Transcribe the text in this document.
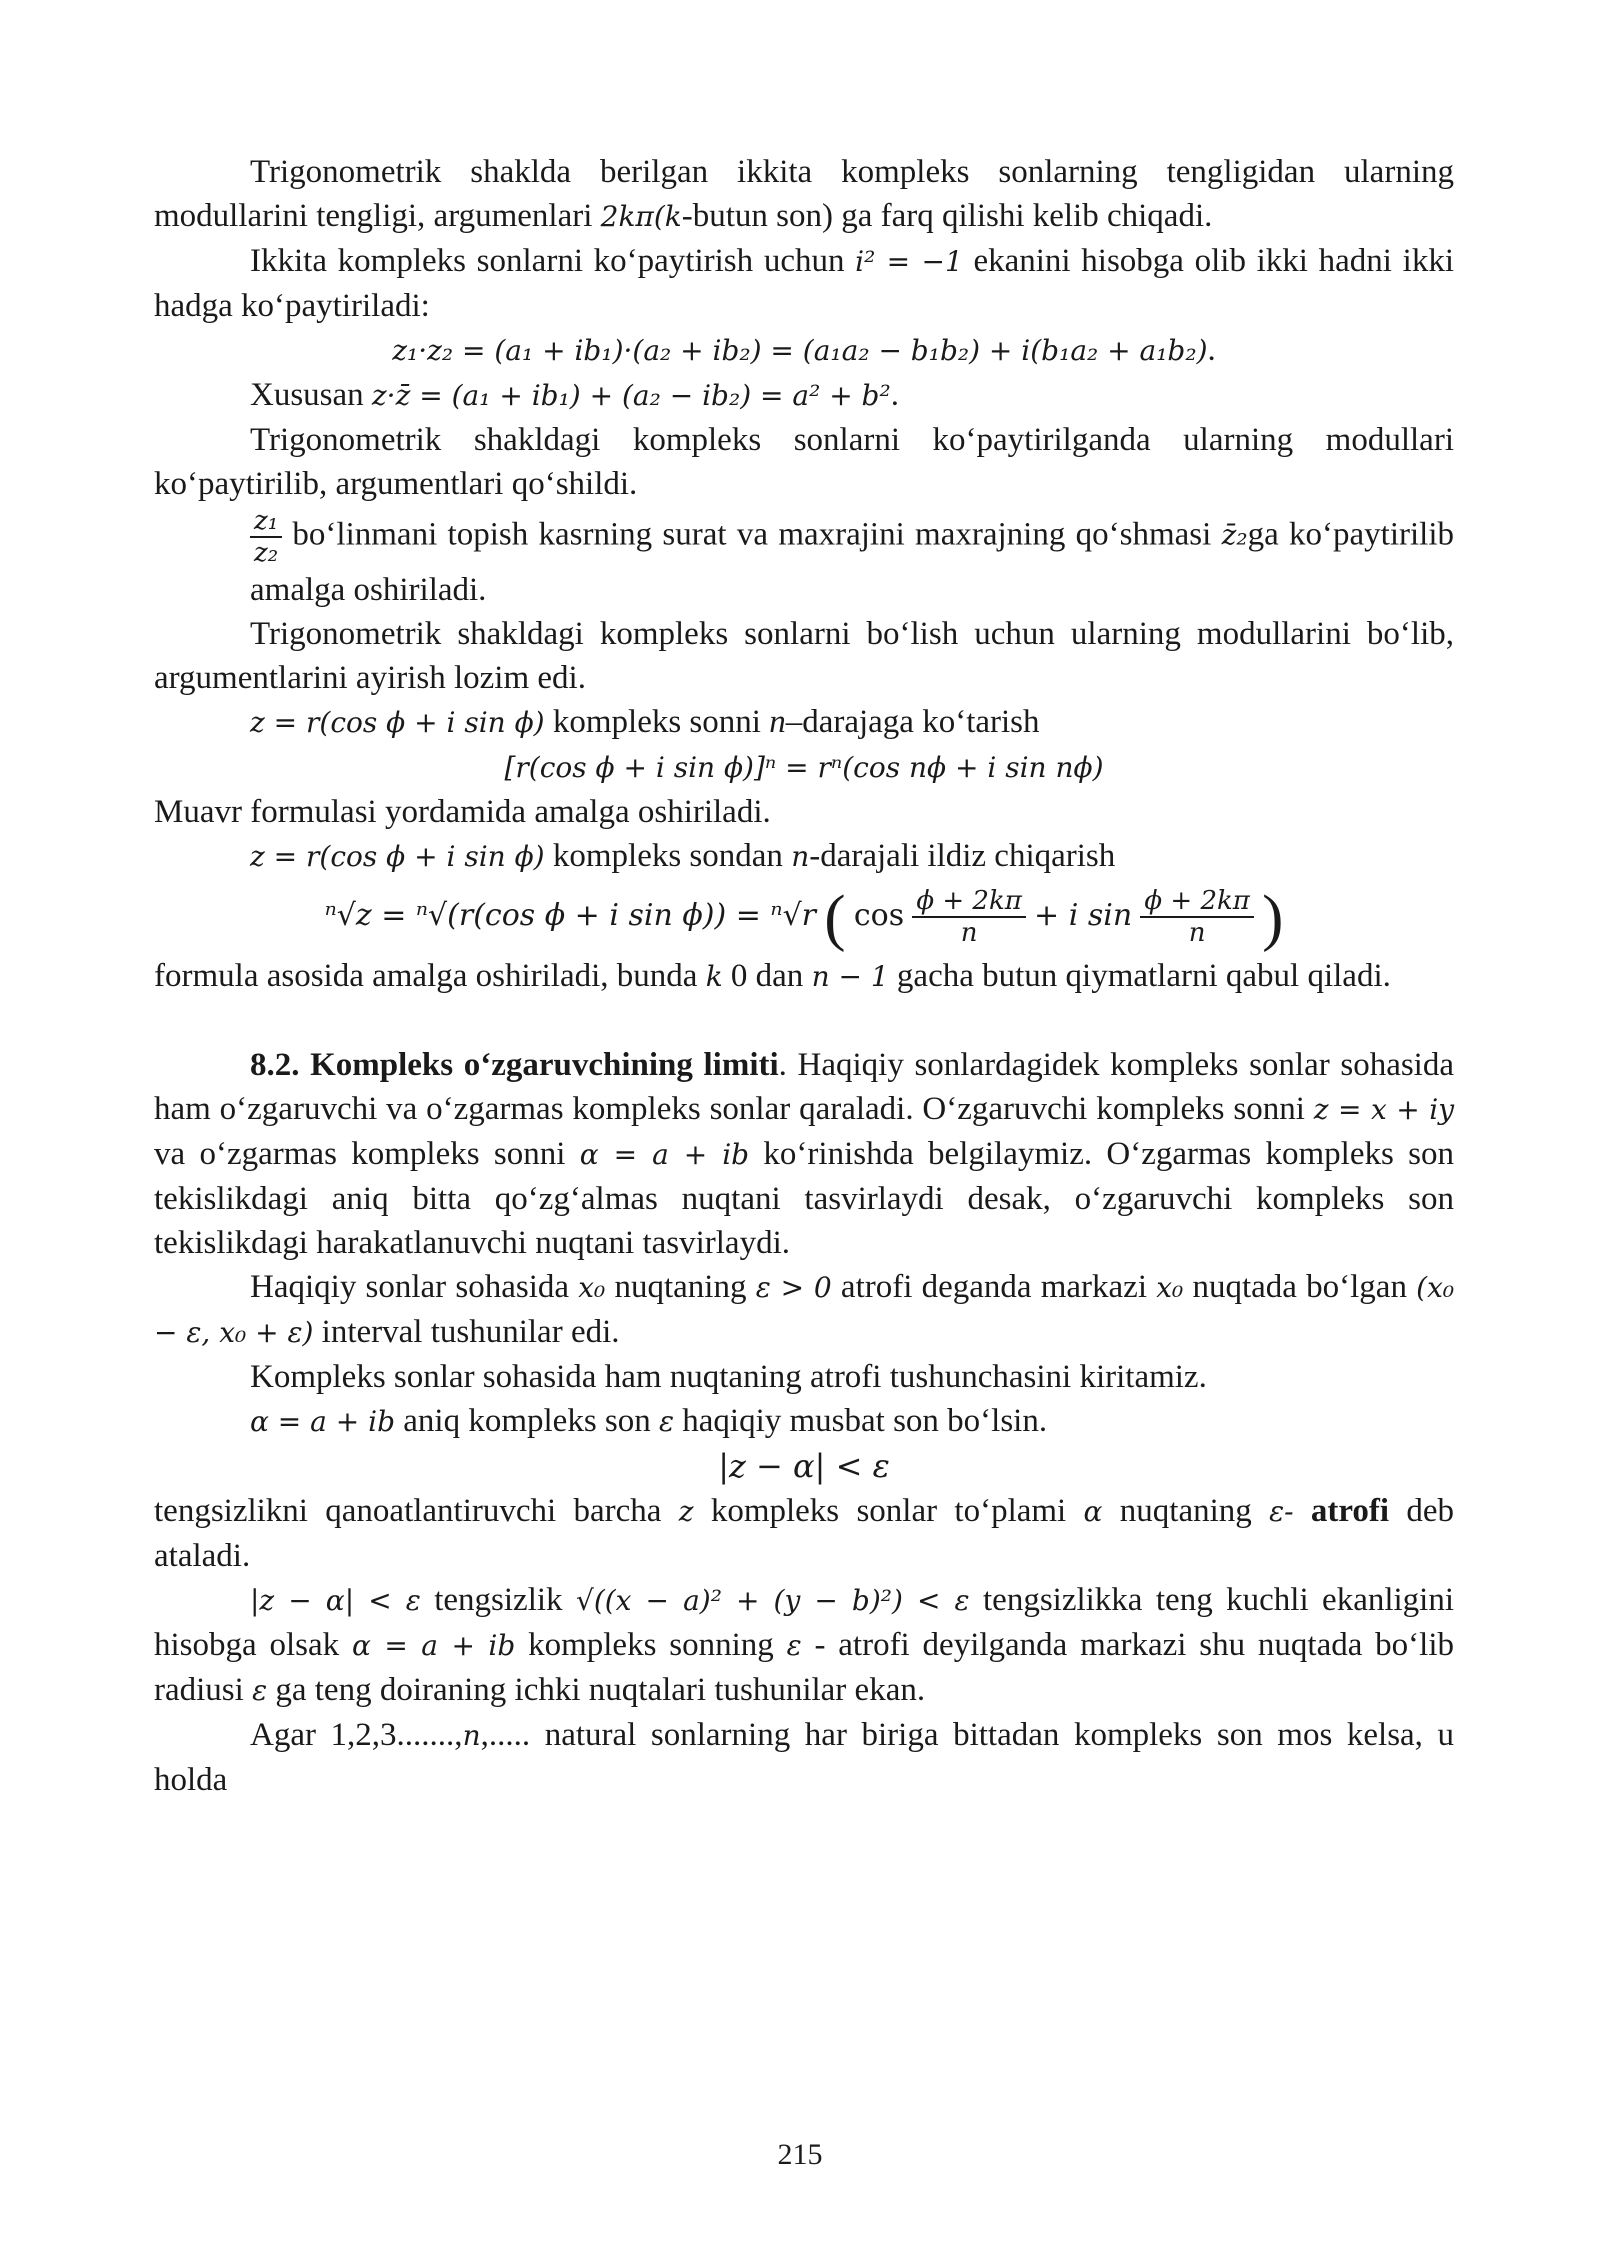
Trigonometrik shaklda berilgan ikkita kompleks sonlarning tengligidan ularning modullarini tengligi, argumenlari 2kπ(k-butun son) ga farq qilishi kelib chiqadi.

Ikkita kompleks sonlarni ko‘paytirish uchun i² = −1 ekanini hisobga olib ikki hadni ikki hadga ko‘paytiriladi:

z₁·z₂ = (a₁ + ib₁)·(a₂ + ib₂) = (a₁a₂ − b₁b₂) + i(b₁a₂ + a₁b₂).

Xususan z·z̄ = (a₁ + ib₁) + (a₂ − ib₂) = a² + b².

Trigonometrik shakldagi kompleks sonlarni ko‘paytirilganda ularning modullari ko‘paytirilib, argumentlari qo‘shildi.

$\frac{\text{z₁}}{\text{z₂}}$ bo‘linmani topish kasrning surat va maxrajini maxrajning qo‘shmasi z̄₂ga ko‘paytirilib amalga oshiriladi.

Trigonometrik shakldagi kompleks sonlarni bo‘lish uchun ularning modullarini bo‘lib, argumentlarini ayirish lozim edi.

z = r(cos ϕ + i sin ϕ) kompleks sonni n–darajaga ko‘tarish

[r(cos ϕ + i sin ϕ)]ⁿ = rⁿ(cos nϕ + i sin nϕ)

Muavr formulasi yordamida amalga oshiriladi.

z = r(cos ϕ + i sin ϕ) kompleks sondan n-darajali ildiz chiqarish

ⁿ√z = ⁿ√(r(cos ϕ + i sin ϕ)) = ⁿ√r ( $\cos \frac{\phi + 2k\pi}{n} + i$ $\sin \frac{\phi + 2k\pi}{n}$ )

formula asosida amalga oshiriladi, bunda k 0 dan n − 1 gacha butun qiymatlarni qabul qiladi.

8.2. Kompleks o‘zgaruvchining limiti. Haqiqiy sonlardagidek kompleks sonlar sohasida ham o‘zgaruvchi va o‘zgarmas kompleks sonlar qaraladi. O‘zgaruvchi kompleks sonni z = x + iy va o‘zgarmas kompleks sonni α = a + ib ko‘rinishda belgilaymiz. O‘zgarmas kompleks son tekislikdagi aniq bitta qo‘zg‘almas nuqtani tasvirlaydi desak, o‘zgaruvchi kompleks son tekislikdagi harakatlanuvchi nuqtani tasvirlaydi.

Haqiqiy sonlar sohasida x₀ nuqtaning ε > 0 atrofi deganda markazi x₀ nuqtada bo‘lgan (x₀ − ε, x₀ + ε) interval tushunilar edi.

Kompleks sonlar sohasida ham nuqtaning atrofi tushunchasini kiritamiz.

α = a + ib aniq kompleks son ε haqiqiy musbat son bo‘lsin.

|z − α| < ε

tengsizlikni qanoatlantiruvchi barcha z kompleks sonlar to‘plami α nuqtaning ε- atrofi deb ataladi.

|z − α| < ε tengsizlik √((x − a)² + (y − b)²) < ε tengsizlikka teng kuchli ekanligini hisobga olsak α = a + ib kompleks sonning ε - atrofi deyilganda markazi shu nuqtada bo‘lib radiusi ε ga teng doiraning ichki nuqtalari tushunilar ekan.

Agar 1,2,3.......,n,..... natural sonlarning har biriga bittadan kompleks son mos kelsa, u holda

215
